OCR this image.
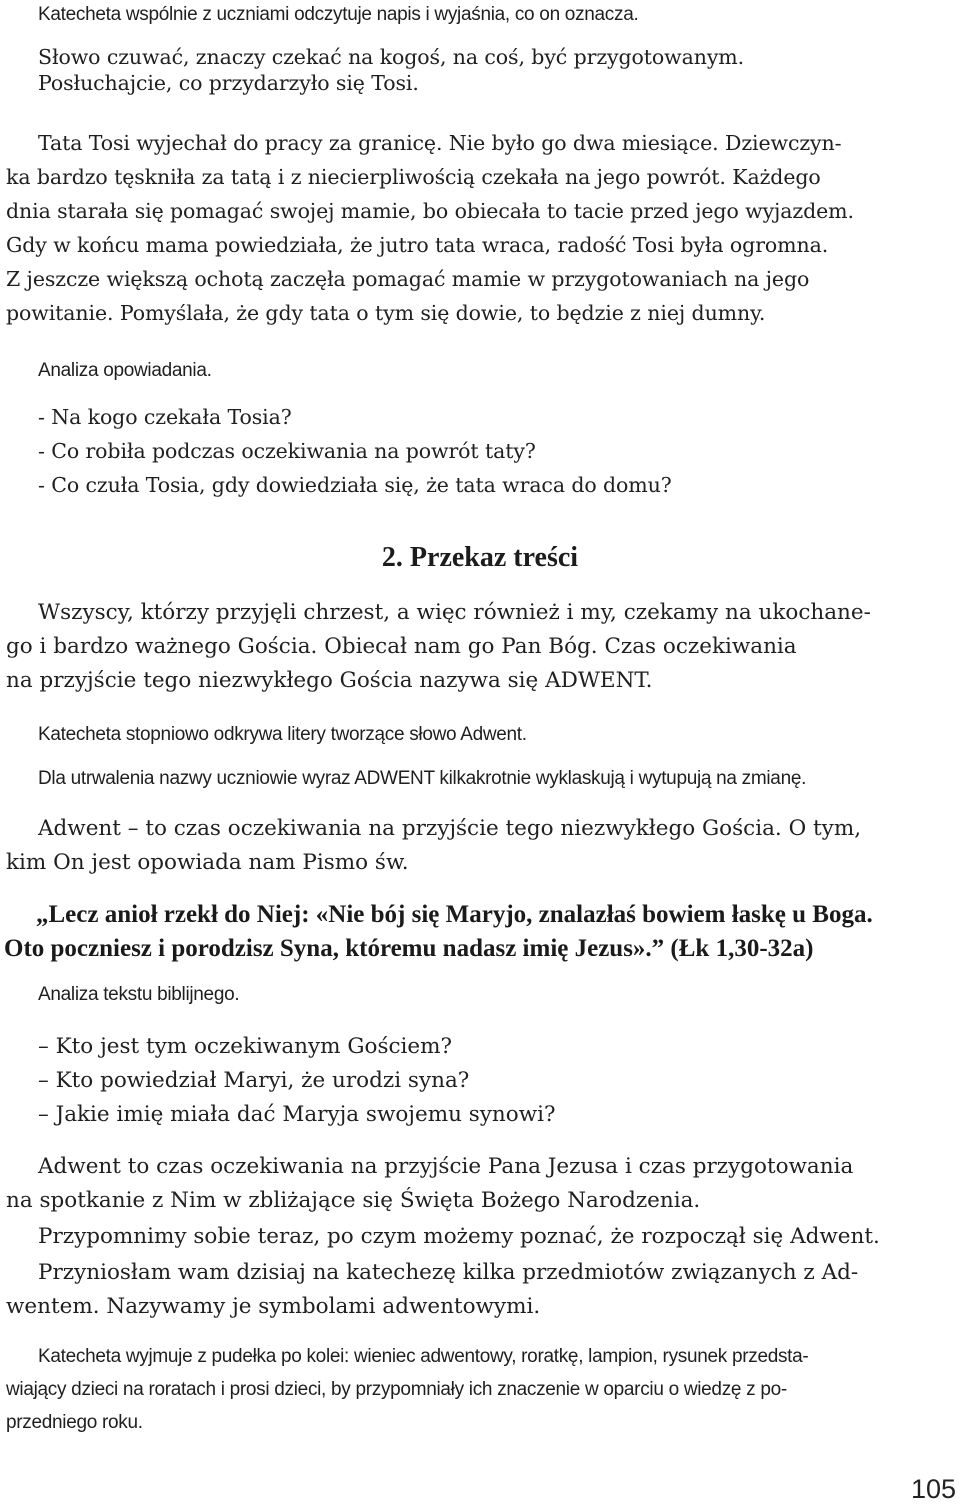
Katecheta wspólnie z uczniami odczytuje napis i wyjaśnia, co on oznacza.

Słowo czuwać, znaczy czekać na kogoś, na coś, być przygotowanym.
Posłuchajcie, co przydarzyło się Tosi.
Tata Tosi wyjechał do pracy za granicę. Nie było go dwa miesiące. Dziewczyn-
ka bardzo tęskniła za tatą i z niecierpliwością czekała na jego powrót. Każdego
dnia starała się pomagać swojej mamie, bo obiecała to tacie przed jego wyjazdem.
Gdy w końcu mama powiedziała, że jutro tata wraca, radość Tosi była ogromna.
Z jeszcze większą ochotą zaczęła pomagać mamie w przygotowaniach na jego
powitanie. Pomyślała, że gdy tata o tym się dowie, to będzie z niej dumny.

Analiza opowiadania.

- Na kogo czekała Tosia?
- Co robiła podczas oczekiwania na powrót taty?
- Co czuła Tosia, gdy dowiedziała się, że tata wraca do domu?
2. Przekaz treści
Wszyscy, którzy przyjęli chrzest, a więc również i my, czekamy na ukochane-
go i bardzo ważnego Gościa. Obiecał nam go Pan Bóg. Czas oczekiwania
na przyjście tego niezwykłego Gościa nazywa się ADWENT.

Katecheta stopniowo odkrywa litery tworzące słowo Adwent.

Dla utrwalenia nazwy uczniowie wyraz ADWENT kilkakrotnie wyklaskują i wytupują na zmianę.

Adwent – to czas oczekiwania na przyjście tego niezwykłego Gościa. O tym,
kim On jest opowiada nam Pismo św.
„Lecz anioł rzekł do Niej: «Nie bój się Maryjo, znalazłaś bowiem łaskę u Boga.
Oto pocznie​sz i porodzisz Syna, któremu nadasz imię Jezus».” (Łk 1,30-32a)

Analiza tekstu biblijnego.

– Kto jest tym oczekiwanym Gościem?
– Kto powiedział Maryi, że urodzi syna?
– Jakie imię miała dać Maryja swojemu synowi?
Adwent to czas oczekiwania na przyjście Pana Jezusa i czas przygotowania
na spotkanie z Nim w zbliżające się Święta Bożego Narodzenia.
Przypomnimy sobie teraz, po czym możemy poznać, że rozpoczął się Adwent.
Przyniosłam wam dzisiaj na katechezę kilka przedmiotów związanych z Ad-
wentem. Nazywamy je symbolami adwentowymi.
Katecheta wyjmuje z pudełka po kolei: wieniec adwentowy, roratkę, lampion, rysunek przedsta-
wiający dzieci na roratach i prosi dzieci, by przypomniały ich znaczenie w oparciu o wiedzę z po-
przedniego roku.
105
